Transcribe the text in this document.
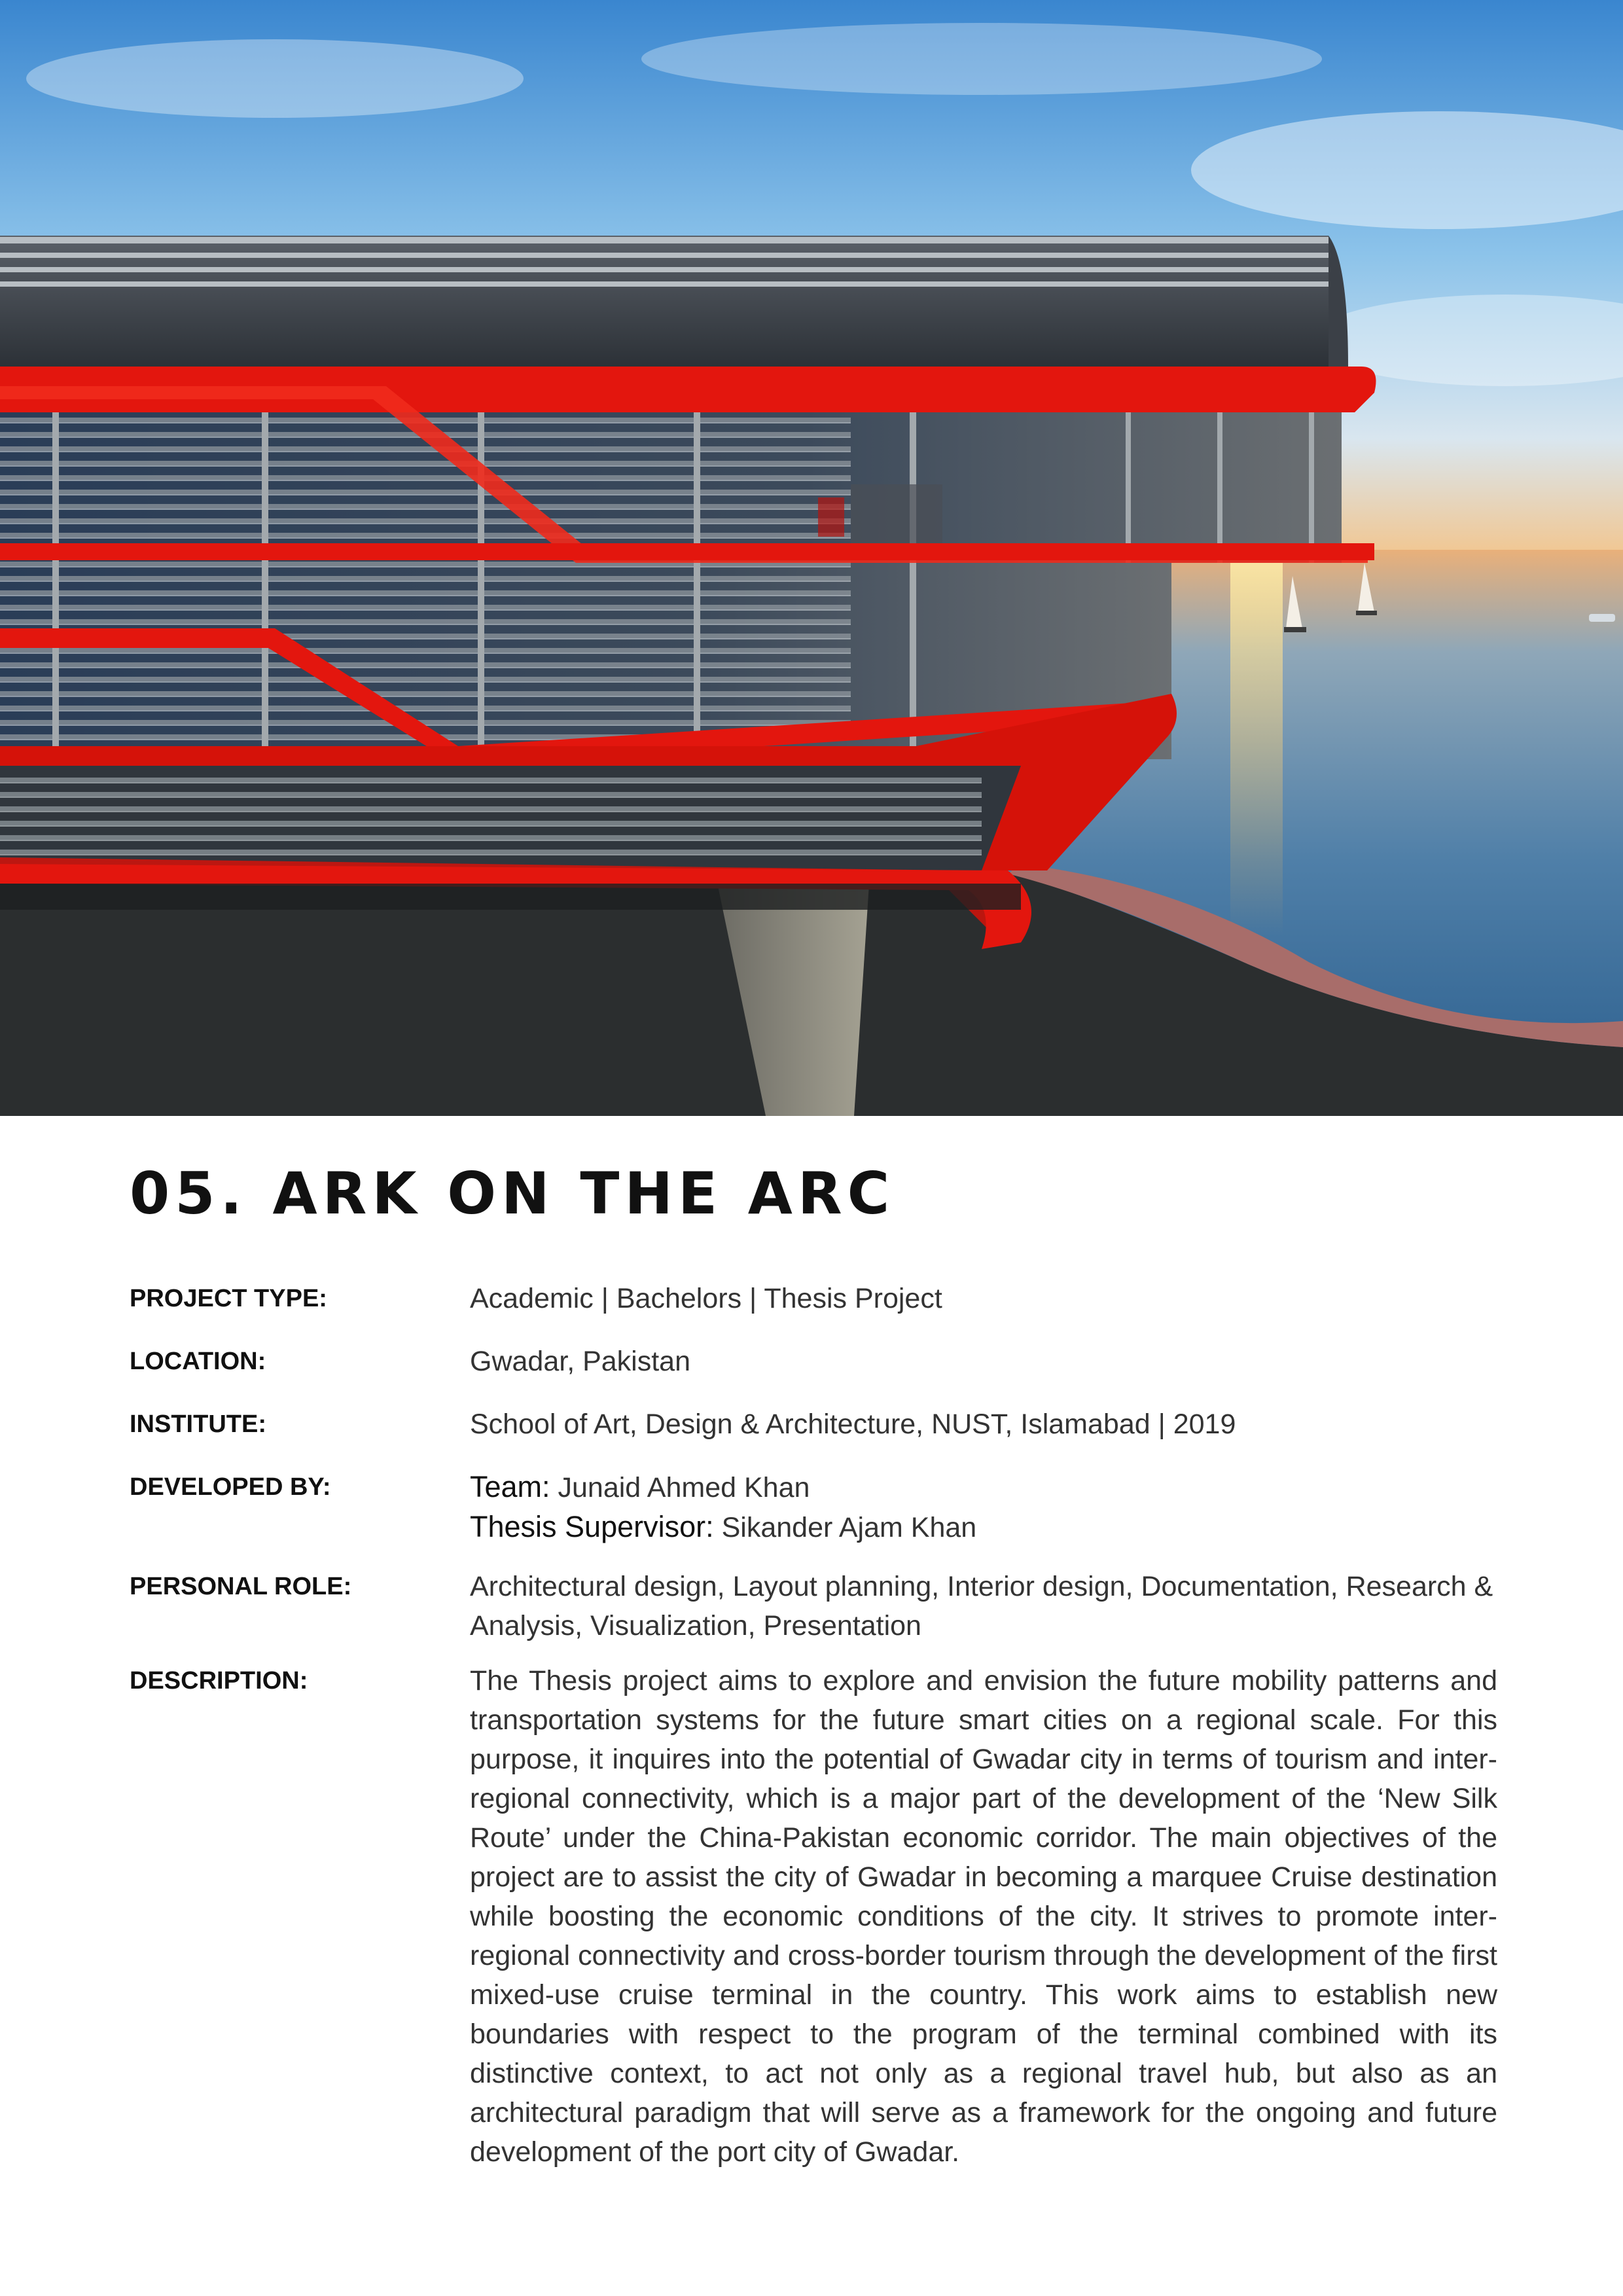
05. ARK ON THE ARC
PROJECT TYPE:	Academic | Bachelors | Thesis Project
LOCATION:	Gwadar, Pakistan
INSTITUTE:	School of Art, Design & Architecture, NUST, Islamabad | 2019
DEVELOPED BY:	Team: Junaid Ahmed Khan
Thesis Supervisor: Sikander Ajam Khan
PERSONAL ROLE:	Architectural design, Layout planning, Interior design, Documentation, Research & Analysis, Visualization, Presentation
DESCRIPTION:	The Thesis project aims to explore and envision the future mobility patterns and transportation systems for the future smart cities on a regional scale. For this purpose, it inquires into the potential of Gwadar city in terms of tourism and inter-regional connectivity, which is a major part of the development of the ‘New Silk Route’ under the China-Pakistan economic corridor. The main objectives of the project are to assist the city of Gwadar in becoming a marquee Cruise destination while boosting the economic conditions of the city. It strives to promote inter-regional connectivity and cross-border tourism through the development of the first mixed-use cruise terminal in the country. This work aims to establish new boundaries with respect to the program of the terminal combined with its distinctive context, to act not only as a regional travel hub, but also as an architectural paradigm that will serve as a framework for the ongoing and future development of the port city of Gwadar.
